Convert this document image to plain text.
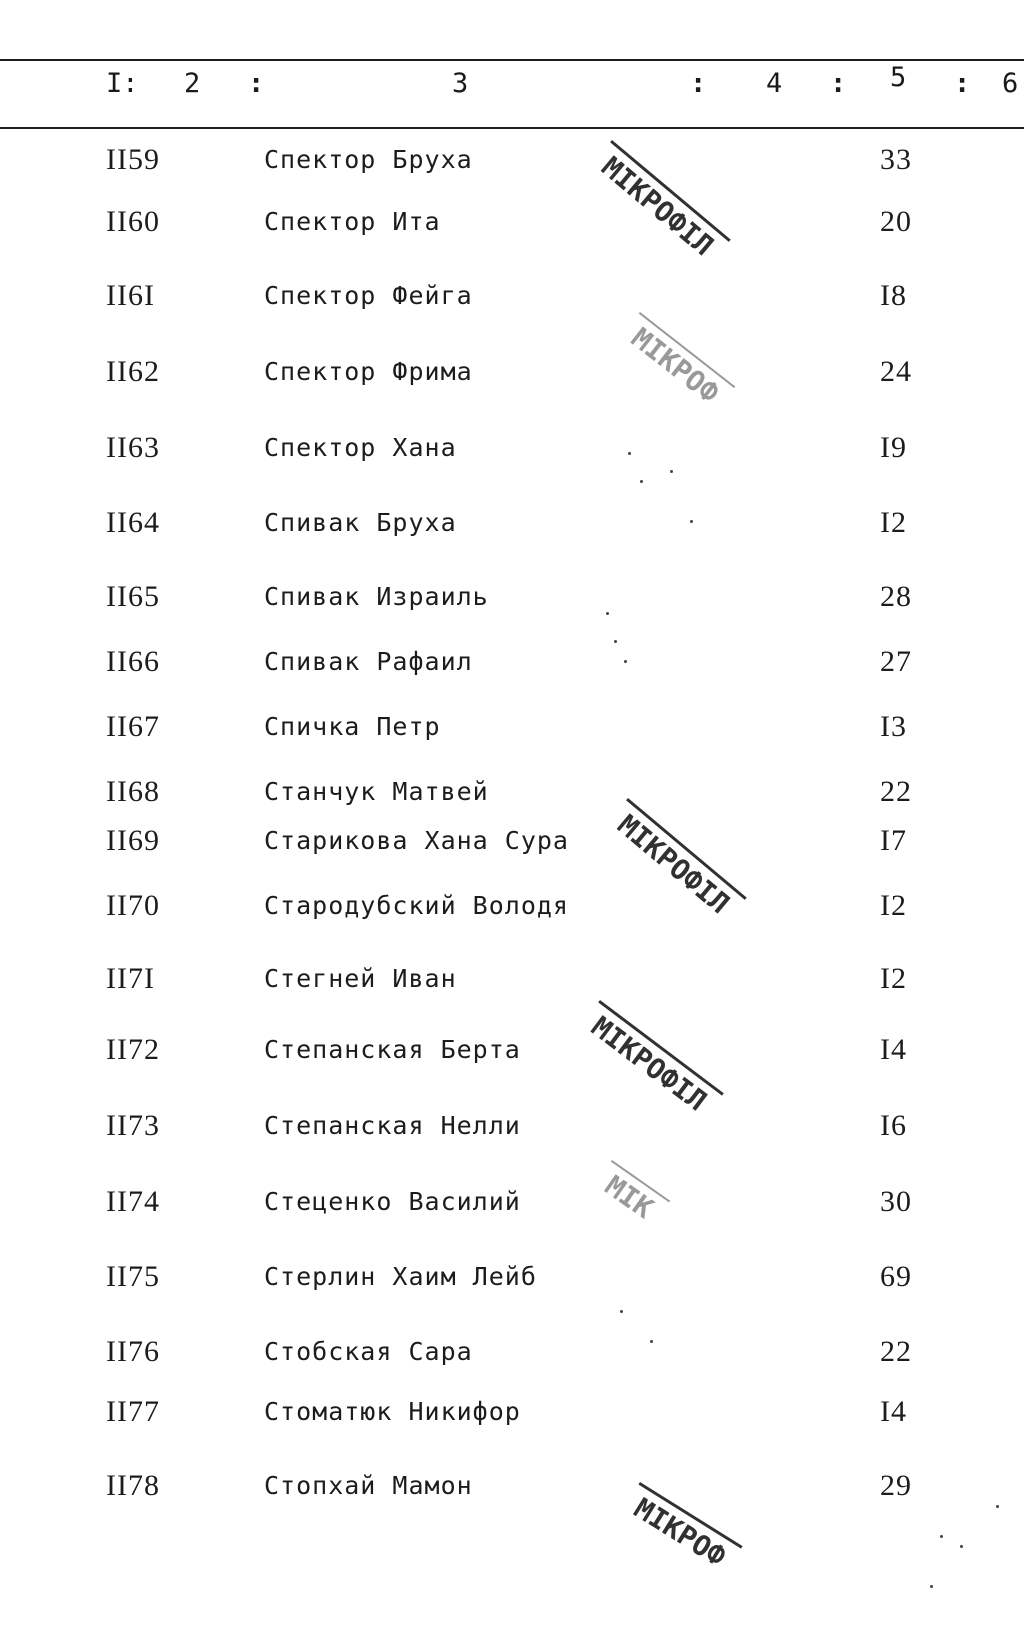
I: 2 :	3	: 4 : 5 : 6
II59	Спектор Бруха	33
II60	Спектор Ита	20
II6I	Спектор Фейга	I8
II62	Спектор Фрима	24
II63	Спектор Хана	I9
II64	Спивак Бруха	I2
II65	Спивак Израиль	28
II66	Спивак Рафаил	27
II67	Спичка Петр	I3
II68	Станчук Матвей	22
II69	Старикова Хана Сура	I7
II70	Стародубский Володя	I2
II7I	Стегней Иван	I2
II72	Степанская Берта	I4
II73	Степанская Нелли	I6
II74	Стеценко Василий	30
II75	Стерлин Хаим Лейб	69
II76	Стобская Сара	22
II77	Стоматюк Никифор	I4
II78	Стопхай Мамон	29
МІКРОФІЛ
МІКРОФ
МІКРОФІЛ
МІКРОФІЛ
МІК
МІКРОФ
